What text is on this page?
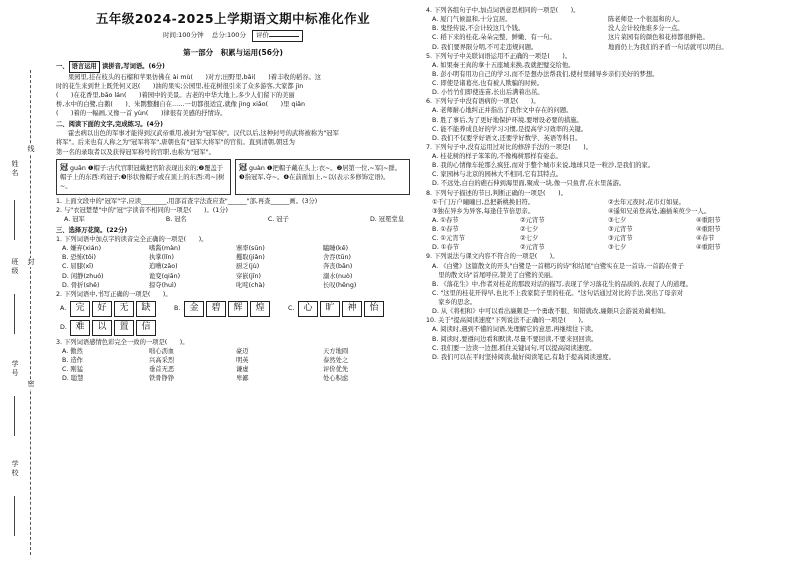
姓名
班级
学号
学校
线
封
密
五年级2024-2025上学期语文期中标准化作业
时间:100分钟 总分:100分 评价
第一部分　积累与运用(56分)

一、 语言运用 读拼音,写词语。(6分)

果园里,挂在枝头的石榴和苹果仿佛在 ài mù(　　)对方;田野里,bǎi(　　)着丰收的稻谷。这

时的花生来到世上既凭何又迟(　　)油的果实;公园里,桂花树很引来了众多游客,大家都 jìn

(　　)在花香里,bāo lán(　　)着园中的美景。古老的中华大地上,多少人们留下的美丽

桥,水中的白鹭,白鹅(　　)、朱鹮整翻自在……一切都很适宜,就像 jìng xiǎo(　　)里 qiǎn

(　　)着的一幅画,又像一首 yùn(　　)律很有美感的抒情诗。

二、阅读下面的文字,完成练习。(4分)

霍去病以出色的军事才能得到汉武帝重用,被封为"冠军侯"。汉代以后,这种封号的武将被称为"冠军

将军"。后来也有人称之为"冠军将军",唐朝也有"冠军大将军"的官衔。直到清朝,朝廷为

第一名的录取者以及获得冠军称号的官职,也称为"冠军"。

冠 guān ❶帽子:古代官职冠戴把官阶表现出来的;❷覆盖于帽子上的东西:鸡冠子;❸形状像帽子或在顶上的东西:鸡~|树~。
冠 guàn ❶把帽子戴在头上:衣~。❷居第一位,~军|~群。❸指冠军,夺~。❹在前面加上,~以(表示多修饰定语)。

1. 上面文段中的"冠军"字,应读________,用部首查字法查应查"______"部,再查______画。(3分)

2. 与"衣冠楚楚"中的"冠"字读音不相同的一项是(　　)。(1分)

A. 冠军	B. 冠名	C. 冠子	D. 冠冕堂皇

三、选择万花筒。(22分)

1. 下列词语中加点字的读音完全正确的一项是(　　)。

A. 嫌弃(xián)	嗜酱(màn)	寨率(sūn)	瞌睡(kē)
B. 恐怖(tǒi)	执掌(lǐn)	攫取(jiǎn)	舍吞(tūn)
C. 屈膝(xī)	追嘈(zāo)	厨乏(jù)	奔丧(bān)
D. 闲静(zhuó)	诡变(qiān)	穿嵌(jīn)	溺水(nuò)
D. 骨折(shě)	掠夺(huì)	叱咤(chà)	长叹(hēng)

2. 下列词语中,书写正确的一项是(　　)。

A.	完	好	无	缺	B.	金	碧	辉	煌	C.	心	旷	神	怡
D. 难	以	置	信

3. 下列词语感情色彩完全一致的一项是(　　)。

A. 傲然	咄心沥血	豪迈	天方地圆
B. 造作	兴高采烈	明英	泰然处之
C. 刚猛	垂首无恶	谦虚	评价优先
D. 聪慧	铁骨铮铮	卑鄙	处心积虑

4. 下列各组句子中,加点词语意思相同的一项是(　　)。

A. 厦门气候温和,十分宜居。	陈老师是一个很温和的人。
B. 鬼怪传说,不会计较这几个钱。	没人会计较他谁多分一点。
C. 稻下来的桂花,朵朵完整、鲜嫩、有一句。	这片菜园有的颜色和花样都很鲜艳。
D. 我们要界限分明,不可走违规问题。	地面仍上为我们的矛盾一句话就可以明白。

5. 下列句子中关联词语运用不正确的一项是(　　)。

A. 如果秦王真的拿十五座城来换,我就把璧交给他。

B. 彭小明有用功自己的学习,而不是想办法帮我们,使村里辅导乡亲们美好的梦想。

C. 即使是诸葛亮,也有被人欺骗的时候。

D. 小竹竹们即使连苗,长出后满着出茁。

6. 下列句子中没有语病的一项是(　　)。

A. 老师耐心地纠正并指出了我作文中存在的问题。

B. 胜了事后,为了更好地保护环境,要增设必要的措施。

C. 能不能养成良好的学习习惯,是提高学习效率的关键。

D. 我们不仅要学好语文,还要学好数学、英语等科目。

7. 下列句子中,没有运用过对比的修辞手法的一项是(　　)。

A. 桂花树的样子笨笨的,不像梅树那样有姿态。

B. 我的心情像车轮那么疯狂,而对于整个城市来说,地球只是一粒沙,是我们的家。

C. 家园林与北京的园林大不相同,它有其特点。

D. 不远处,白白的礁石伸到海里面,聚成一块,像一只鱼背,在水里荡游。

8. 下列句子描述的节日,判断正确的一项是(　　)。

①千门万户曈曈日,总把新桃换旧符。	②去年元夜时,花市灯如昼。
③独在异乡为异客,每逢佳节倍思亲。	④遥知兄弟登高处,遍插茱萸少一人。
A. ①春节	②元宵节	③七夕	④重阳节
B. ①春节	②七夕	③元宵节	④重阳节
C. ①元宵节	②七夕	③元宵节	④春节
D. ①春节	②元宵节	③七夕	④重阳节

9. 下列说法与课文内容不符合的一项是(　　)。

A. 《白鹭》这篇散文的开头"白鹭是一首精巧的诗"和结尾"白鹭实在是一首诗,一首韵在骨子

　里的散文诗"首尾呼应,赞美了白鹭的美丽。

B. 《落花生》中,作者对桂花的那段对话的描写,表现了学习落花生的品质的,表现了人的道理。

C. "这里的桂花开得早,也比不上我家院子里的桂花。"这句话通过对比的手法,突出了母亲对

　家乡的思念。

D. 从《将相和》中可以看出廉颇是一个勇敢不服、知错就改,廉颇只会游说劝蔺相如。

10. 关于"提高阅读速度"下列说法不正确的一项是(　　)。

A. 阅读时,遇到不懂的词语,先理解它的意思,再继续往下读。

B. 阅读时,要遵问边看和默读,尽量不要回读,不要来回回读。

C. 我们要一边读一边想,抓住关键词句,可以提高阅读速度。

D. 我们可以在平时坚持阅读,做好阅读笔记,有助于提高阅读速度。
